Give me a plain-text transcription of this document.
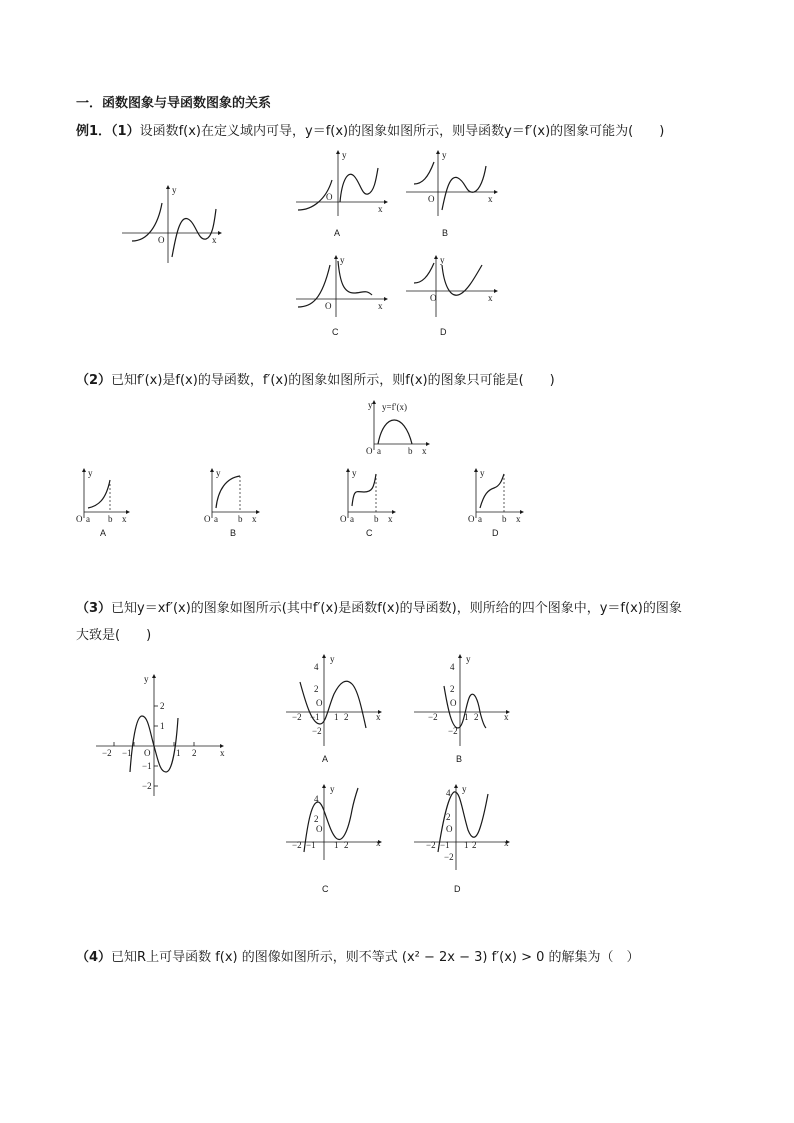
一．函数图象与导函数图象的关系
例1．（1）设函数f(x)在定义域内可导，y＝f(x)的图象如图所示，则导函数y＝f′(x)的图象可能为(　　)
（2）已知f′(x)是f(x)的导函数，f′(x)的图象如图所示，则f(x)的图象只可能是(　　)
（3）已知y＝xf′(x)的图象如图所示(其中f′(x)是函数f(x)的导函数)，则所给的四个图象中，y＝f(x)的图象
大致是(　　)
（4）已知R上可导函数 f(x) 的图像如图所示，则不等式 (x² − 2x − 3) f′(x) > 0 的解集为（　）
y
x
O
y
x
O
A
y
x
O
B
y
x
O
C
y
x
O
D
y y=f′(x)
O a	b x
y
O a b x
A
y
O a b x
B
y
O a b x
C
y
O a b x
D
y
x
2
1
−1
−2
−2 −1	1 2
O
y
x
4
2
−2
−2 −1 1 2
O
A
y
x
4
2
−2
−2	1 2
O
B
y
x
4
2
−2 −1 1 2
O
C
y
x
4
2
−2
−2 −1 1 2
O
D
